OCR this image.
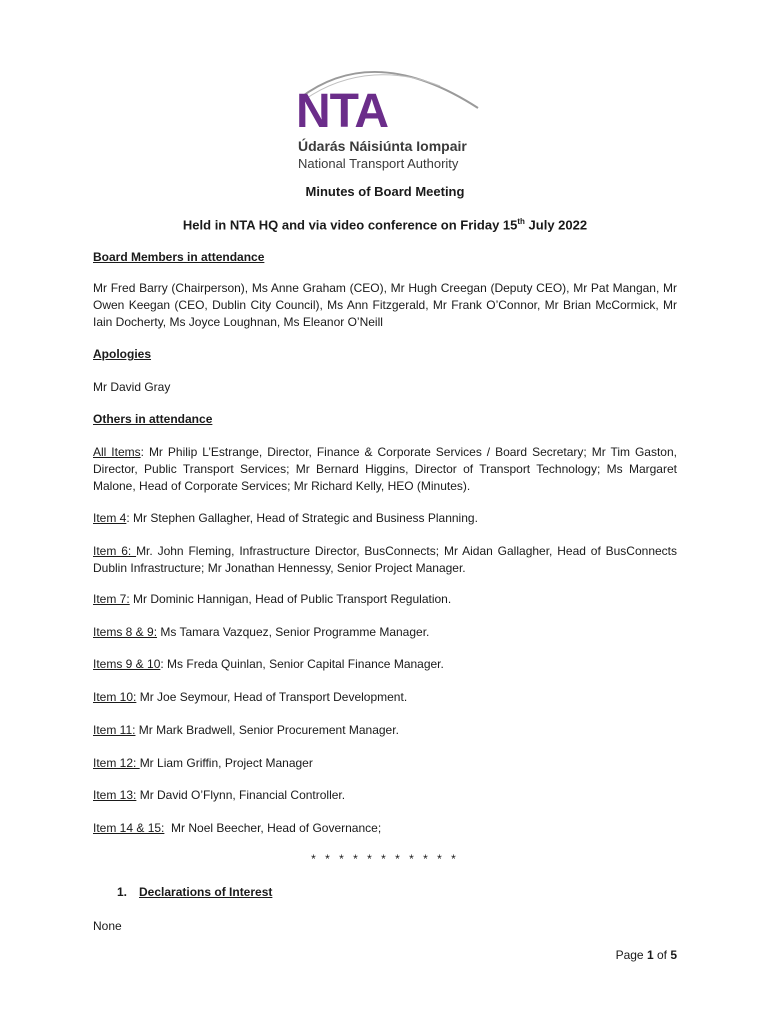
NTA
Údarás Náisiúnta Iompair
National Transport Authority
Minutes of Board Meeting
Held in NTA HQ and via video conference on Friday 15th July 2022
Board Members in attendance
Mr Fred Barry (Chairperson), Ms Anne Graham (CEO), Mr Hugh Creegan (Deputy CEO), Mr Pat Mangan, Mr Owen Keegan (CEO, Dublin City Council), Ms Ann Fitzgerald, Mr Frank O’Connor, Mr Brian McCormick, Mr Iain Docherty, Ms Joyce Loughnan, Ms Eleanor O’Neill
Apologies
Mr David Gray
Others in attendance
All Items: Mr Philip L’Estrange, Director, Finance & Corporate Services / Board Secretary; Mr Tim Gaston, Director, Public Transport Services; Mr Bernard Higgins, Director of Transport Technology; Ms Margaret Malone, Head of Corporate Services; Mr Richard Kelly, HEO (Minutes).
Item 4: Mr Stephen Gallagher, Head of Strategic and Business Planning.
Item 6: Mr. John Fleming, Infrastructure Director, BusConnects; Mr Aidan Gallagher, Head of BusConnects Dublin Infrastructure; Mr Jonathan Hennessy, Senior Project Manager.
Item 7: Mr Dominic Hannigan, Head of Public Transport Regulation.
Items 8 & 9: Ms Tamara Vazquez, Senior Programme Manager.
Items 9 & 10: Ms Freda Quinlan, Senior Capital Finance Manager.
Item 10: Mr Joe Seymour, Head of Transport Development.
Item 11: Mr Mark Bradwell, Senior Procurement Manager.
Item 12: Mr Liam Griffin, Project Manager
Item 13: Mr David O’Flynn, Financial Controller.
Item 14 & 15:  Mr Noel Beecher, Head of Governance;
* * * * * * * * * * *
1. Declarations of Interest
None
Page 1 of 5
